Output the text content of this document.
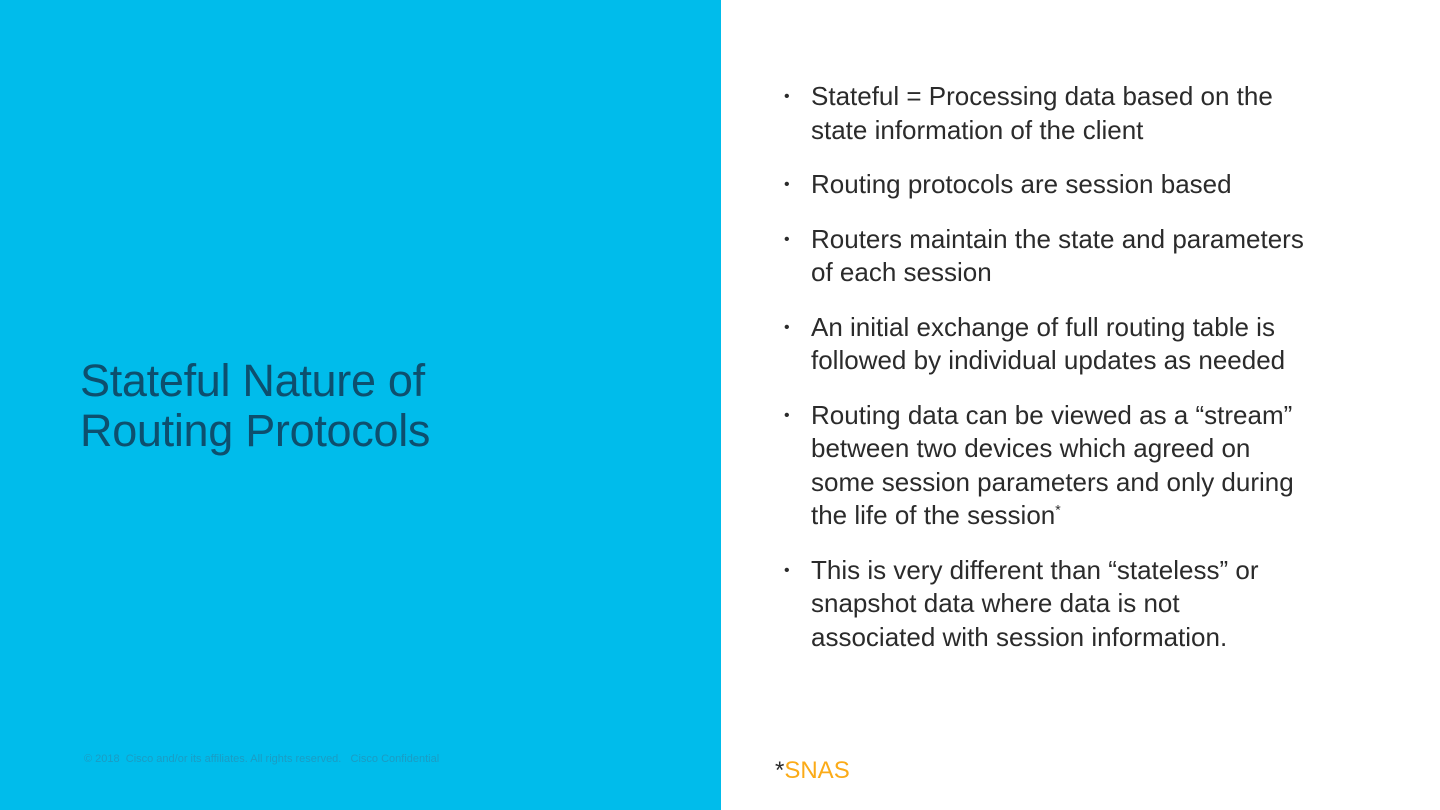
Stateful Nature of
Routing Protocols
© 2018  Cisco and/or its affiliates. All rights reserved.   Cisco Confidential
• Stateful = Processing data based on the
state information of the client
• Routing protocols are session based
• Routers maintain the state and parameters
of each session
• An initial exchange of full routing table is
followed by individual updates as needed
• Routing data can be viewed as a “stream”
between two devices which agreed on
some session parameters and only during
the life of the session*
• This is very different than “stateless” or
snapshot data where data is not
associated with session information.
*SNAS
